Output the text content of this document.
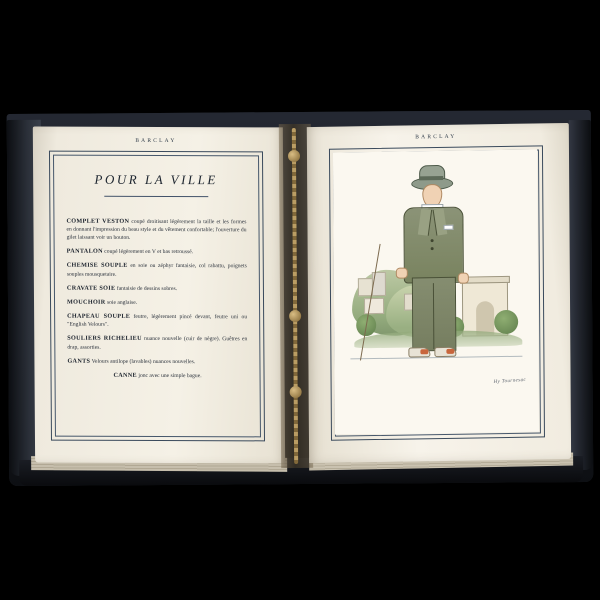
BARCLAY
POUR LA VILLE

COMPLET VESTON coupé droitisant légèrement la taille et les formes en donnant l'impression du beau style et du vêtement confortable; l'ouverture du gilet laissant voir un bouton.

PANTALON coupé légèrement en V et bas retroussé.

CHEMISE SOUPLE en soie ou zéphyr fantaisie, col rabattu, poignets souples mousquetaire.

CRAVATE SOIE fantaisie de dessins sobres.

MOUCHOIR soie anglaise.

CHAPEAU SOUPLE feutre, légèrement pincé devant, feutre uni ou "English Velours".

SOULIERS RICHELIEU nuance nouvelle (cuir de nègre). Guêtres en drap, assorties.

GANTS Velours antilope (lavables) nuances nouvelles.

CANNE jonc avec une simple bague.

BARCLAY
Hy Tournesac
